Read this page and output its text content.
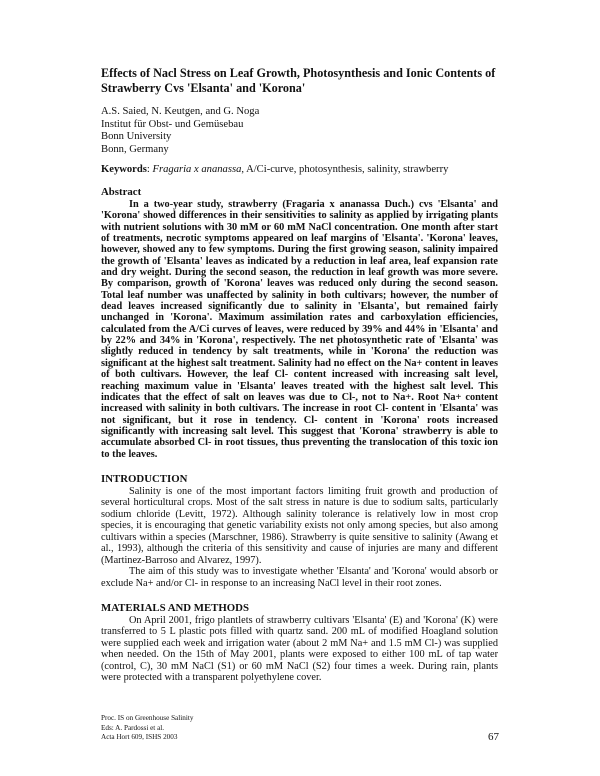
Effects of Nacl Stress on Leaf Growth, Photosynthesis and Ionic Contents of Strawberry Cvs 'Elsanta' and 'Korona'
A.S. Saied, N. Keutgen, and G. Noga
Institut für Obst- und Gemüsebau
Bonn University
Bonn, Germany
Keywords: Fragaria x ananassa, A/Ci-curve, photosynthesis, salinity, strawberry
Abstract

In a two-year study, strawberry (Fragaria x ananassa Duch.) cvs 'Elsanta' and 'Korona' showed differences in their sensitivities to salinity as applied by irrigating plants with nutrient solutions with 30 mM or 60 mM NaCl concentration. One month after start of treatments, necrotic symptoms appeared on leaf margins of 'Elsanta'. 'Korona' leaves, however, showed any to few symptoms. During the first growing season, salinity impaired the growth of 'Elsanta' leaves as indicated by a reduction in leaf area, leaf expansion rate and dry weight. During the second season, the reduction in leaf growth was more severe. By comparison, growth of 'Korona' leaves was reduced only during the second season. Total leaf number was unaffected by salinity in both cultivars; however, the number of dead leaves increased significantly due to salinity in 'Elsanta', but remained fairly unchanged in 'Korona'. Maximum assimilation rates and carboxylation efficiencies, calculated from the A/Ci curves of leaves, were reduced by 39% and 44% in 'Elsanta' and by 22% and 34% in 'Korona', respectively. The net photosynthetic rate of 'Elsanta' was slightly reduced in tendency by salt treatments, while in 'Korona' the reduction was significant at the highest salt treatment. Salinity had no effect on the Na+ content in leaves of both cultivars. However, the leaf Cl- content increased with increasing salt level, reaching maximum value in 'Elsanta' leaves treated with the highest salt level. This indicates that the effect of salt on leaves was due to Cl-, not to Na+. Root Na+ content increased with salinity in both cultivars. The increase in root Cl- content in 'Elsanta' was not significant, but it rose in tendency. Cl- content in 'Korona' roots increased significantly with increasing salt level. This suggest that 'Korona' strawberry is able to accumulate absorbed Cl- in root tissues, thus preventing the translocation of this toxic ion to the leaves.

INTRODUCTION

Salinity is one of the most important factors limiting fruit growth and production of several horticultural crops. Most of the salt stress in nature is due to sodium salts, particularly sodium chloride (Levitt, 1972). Although salinity tolerance is relatively low in most crop species, it is encouraging that genetic variability exists not only among species, but also among cultivars within a species (Marschner, 1986). Strawberry is quite sensitive to salinity (Awang et al., 1993), although the criteria of this sensitivity and cause of injuries are many and different (Martinez-Barroso and Alvarez, 1997).

The aim of this study was to investigate whether 'Elsanta' and 'Korona' would absorb or exclude Na+ and/or Cl- in response to an increasing NaCl level in their root zones.

MATERIALS AND METHODS

On April 2001, frigo plantlets of strawberry cultivars 'Elsanta' (E) and 'Korona' (K) were transferred to 5 L plastic pots filled with quartz sand. 200 mL of modified Hoagland solution were supplied each week and irrigation water (about 2 mM Na+ and 1.5 mM Cl-) was supplied when needed. On the 15th of May 2001, plants were exposed to either 100 mL of tap water (control, C), 30 mM NaCl (S1) or 60 mM NaCl (S2) four times a week. During rain, plants were protected with a transparent polyethylene cover.

Proc. IS on Greenhouse Salinity
Eds: A. Pardossi et al.
Acta Hort 609, ISHS 2003	67
